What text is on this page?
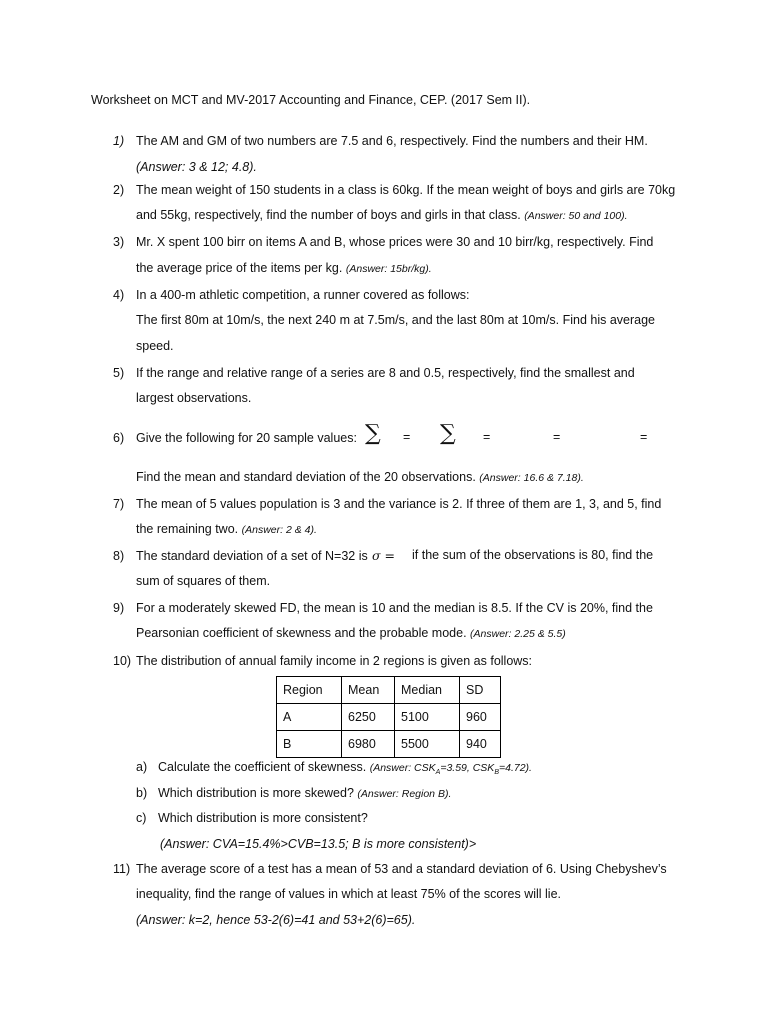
Worksheet on MCT and MV-2017 Accounting and Finance, CEP. (2017 Sem II).
1) The AM and GM of two numbers are 7.5 and 6, respectively. Find the numbers and their HM.
(Answer: 3 & 12; 4.8).
2) The mean weight of 150 students in a class is 60kg. If the mean weight of boys and girls are 70kg
and 55kg, respectively, find the number of boys and girls in that class. (Answer: 50 and 100).
3) Mr. X spent 100 birr on items A and B, whose prices were 30 and 10 birr/kg, respectively. Find
the average price of the items per kg. (Answer: 15br/kg).
4) In a 400-m athletic competition, a runner covered as follows:
The first 80m at 10m/s, the next 240 m at 7.5m/s, and the last 80m at 10m/s. Find his average
speed.
5) If the range and relative range of a series are 8 and 0.5, respectively, find the smallest and
largest observations.
6) Give the following for 20 sample values: ∑ = ∑ =	=	=
Find the mean and standard deviation of the 20 observations. (Answer: 16.6 & 7.18).
7) The mean of 5 values population is 3 and the variance is 2. If three of them are 1, 3, and 5, find
the remaining two. (Answer: 2 & 4).
8) The standard deviation of a set of N=32 is σ = if the sum of the observations is 80, find the
sum of squares of them.
9) For a moderately skewed FD, the mean is 10 and the median is 8.5. If the CV is 20%, find the
Pearsonian coefficient of skewness and the probable mode. (Answer: 2.25 & 5.5)
10) The distribution of annual family income in 2 regions is given as follows:
Region	Mean	Median	SD
A	6250	5100	960
B	6980	5500	940
a) Calculate the coefficient of skewness. (Answer: $CSK_A=3.59$, $CSK_B=4.72$).
b) Which distribution is more skewed? (Answer: Region B).
c) Which distribution is more consistent?
(Answer: CVA=15.4%>CVB=13.5; B is more consistent)>
11) The average score of a test has a mean of 53 and a standard deviation of 6. Using Chebyshev’s
inequality, find the range of values in which at least 75% of the scores will lie.
(Answer: k=2, hence 53-2(6)=41 and 53+2(6)=65).
